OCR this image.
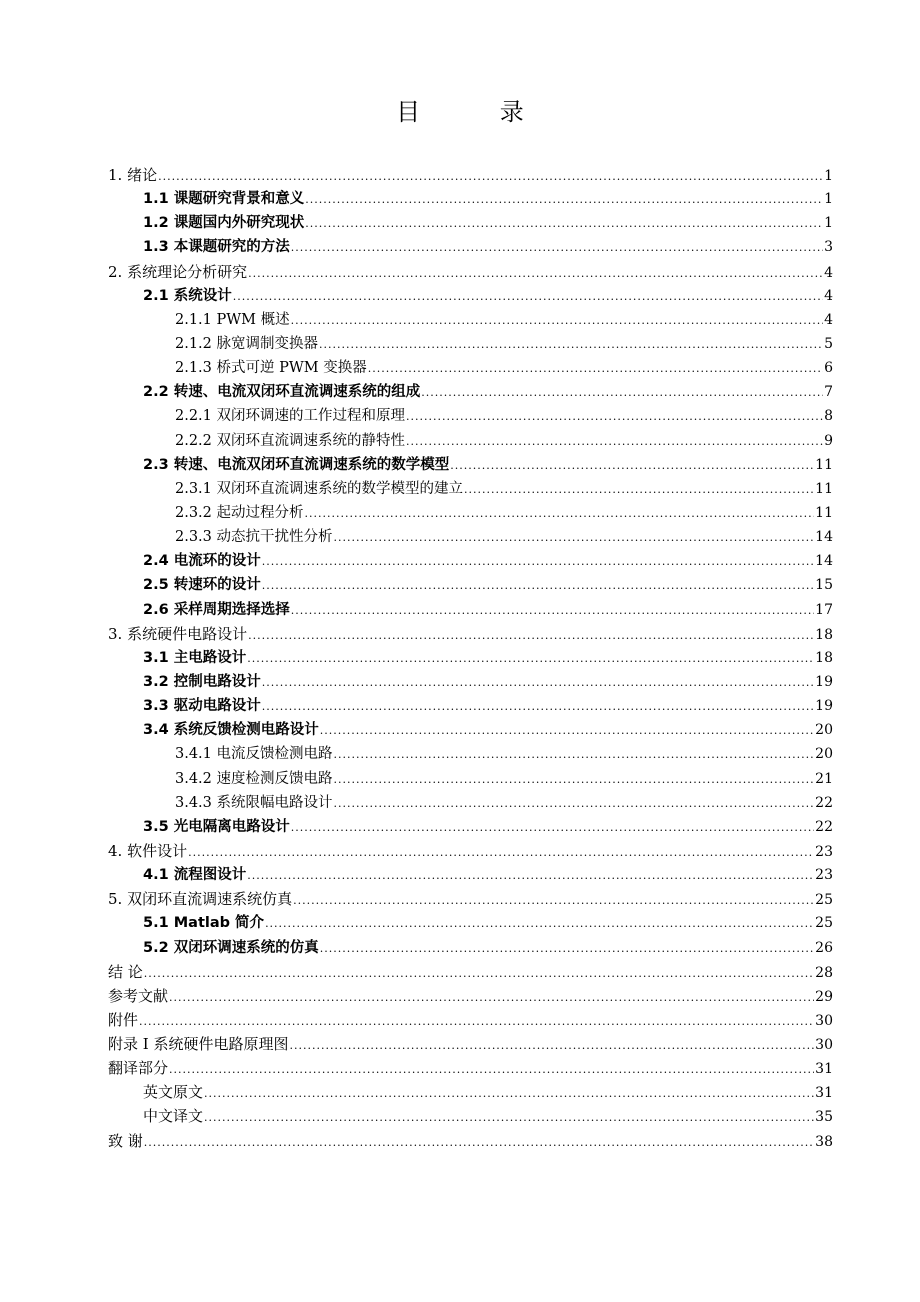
目 录
1. 绪论 .....	1
1.1 课题研究背景和意义 .....	1
1.2 课题国内外研究现状 .....	1
1.3 本课题研究的方法 .....	3
2. 系统理论分析研究 .....	4
2.1 系统设计 .....	4
2.1.1 PWM 概述 .....	4
2.1.2 脉宽调制变换器 .....	5
2.1.3 桥式可逆 PWM 变换器 .....	6
2.2 转速、电流双闭环直流调速系统的组成 .....	7
2.2.1 双闭环调速的工作过程和原理 .....	8
2.2.2 双闭环直流调速系统的静特性 .....	9
2.3 转速、电流双闭环直流调速系统的数学模型 .....	11
2.3.1 双闭环直流调速系统的数学模型的建立 .....	11
2.3.2 起动过程分析 .....	11
2.3.3 动态抗干扰性分析 .....	14
2.4 电流环的设计 .....	14
2.5 转速环的设计 .....	15
2.6 采样周期选择选择 .....	17
3. 系统硬件电路设计 .....	18
3.1 主电路设计 .....	18
3.2 控制电路设计 .....	19
3.3 驱动电路设计 .....	19
3.4 系统反馈检测电路设计 .....	20
3.4.1 电流反馈检测电路 .....	20
3.4.2 速度检测反馈电路 .....	21
3.4.3 系统限幅电路设计 .....	22
3.5 光电隔离电路设计 .....	22
4. 软件设计 .....	23
4.1 流程图设计 .....	23
5. 双闭环直流调速系统仿真 .....	25
5.1 Matlab 简介 .....	25
5.2 双闭环调速系统的仿真 .....	26
结 论 .....	28
参考文献 .....	29
附件 .....	30
附录 I 系统硬件电路原理图 .....	30
翻译部分 .....	31
英文原文 .....	31
中文译文 .....	35
致 谢 .....	38
